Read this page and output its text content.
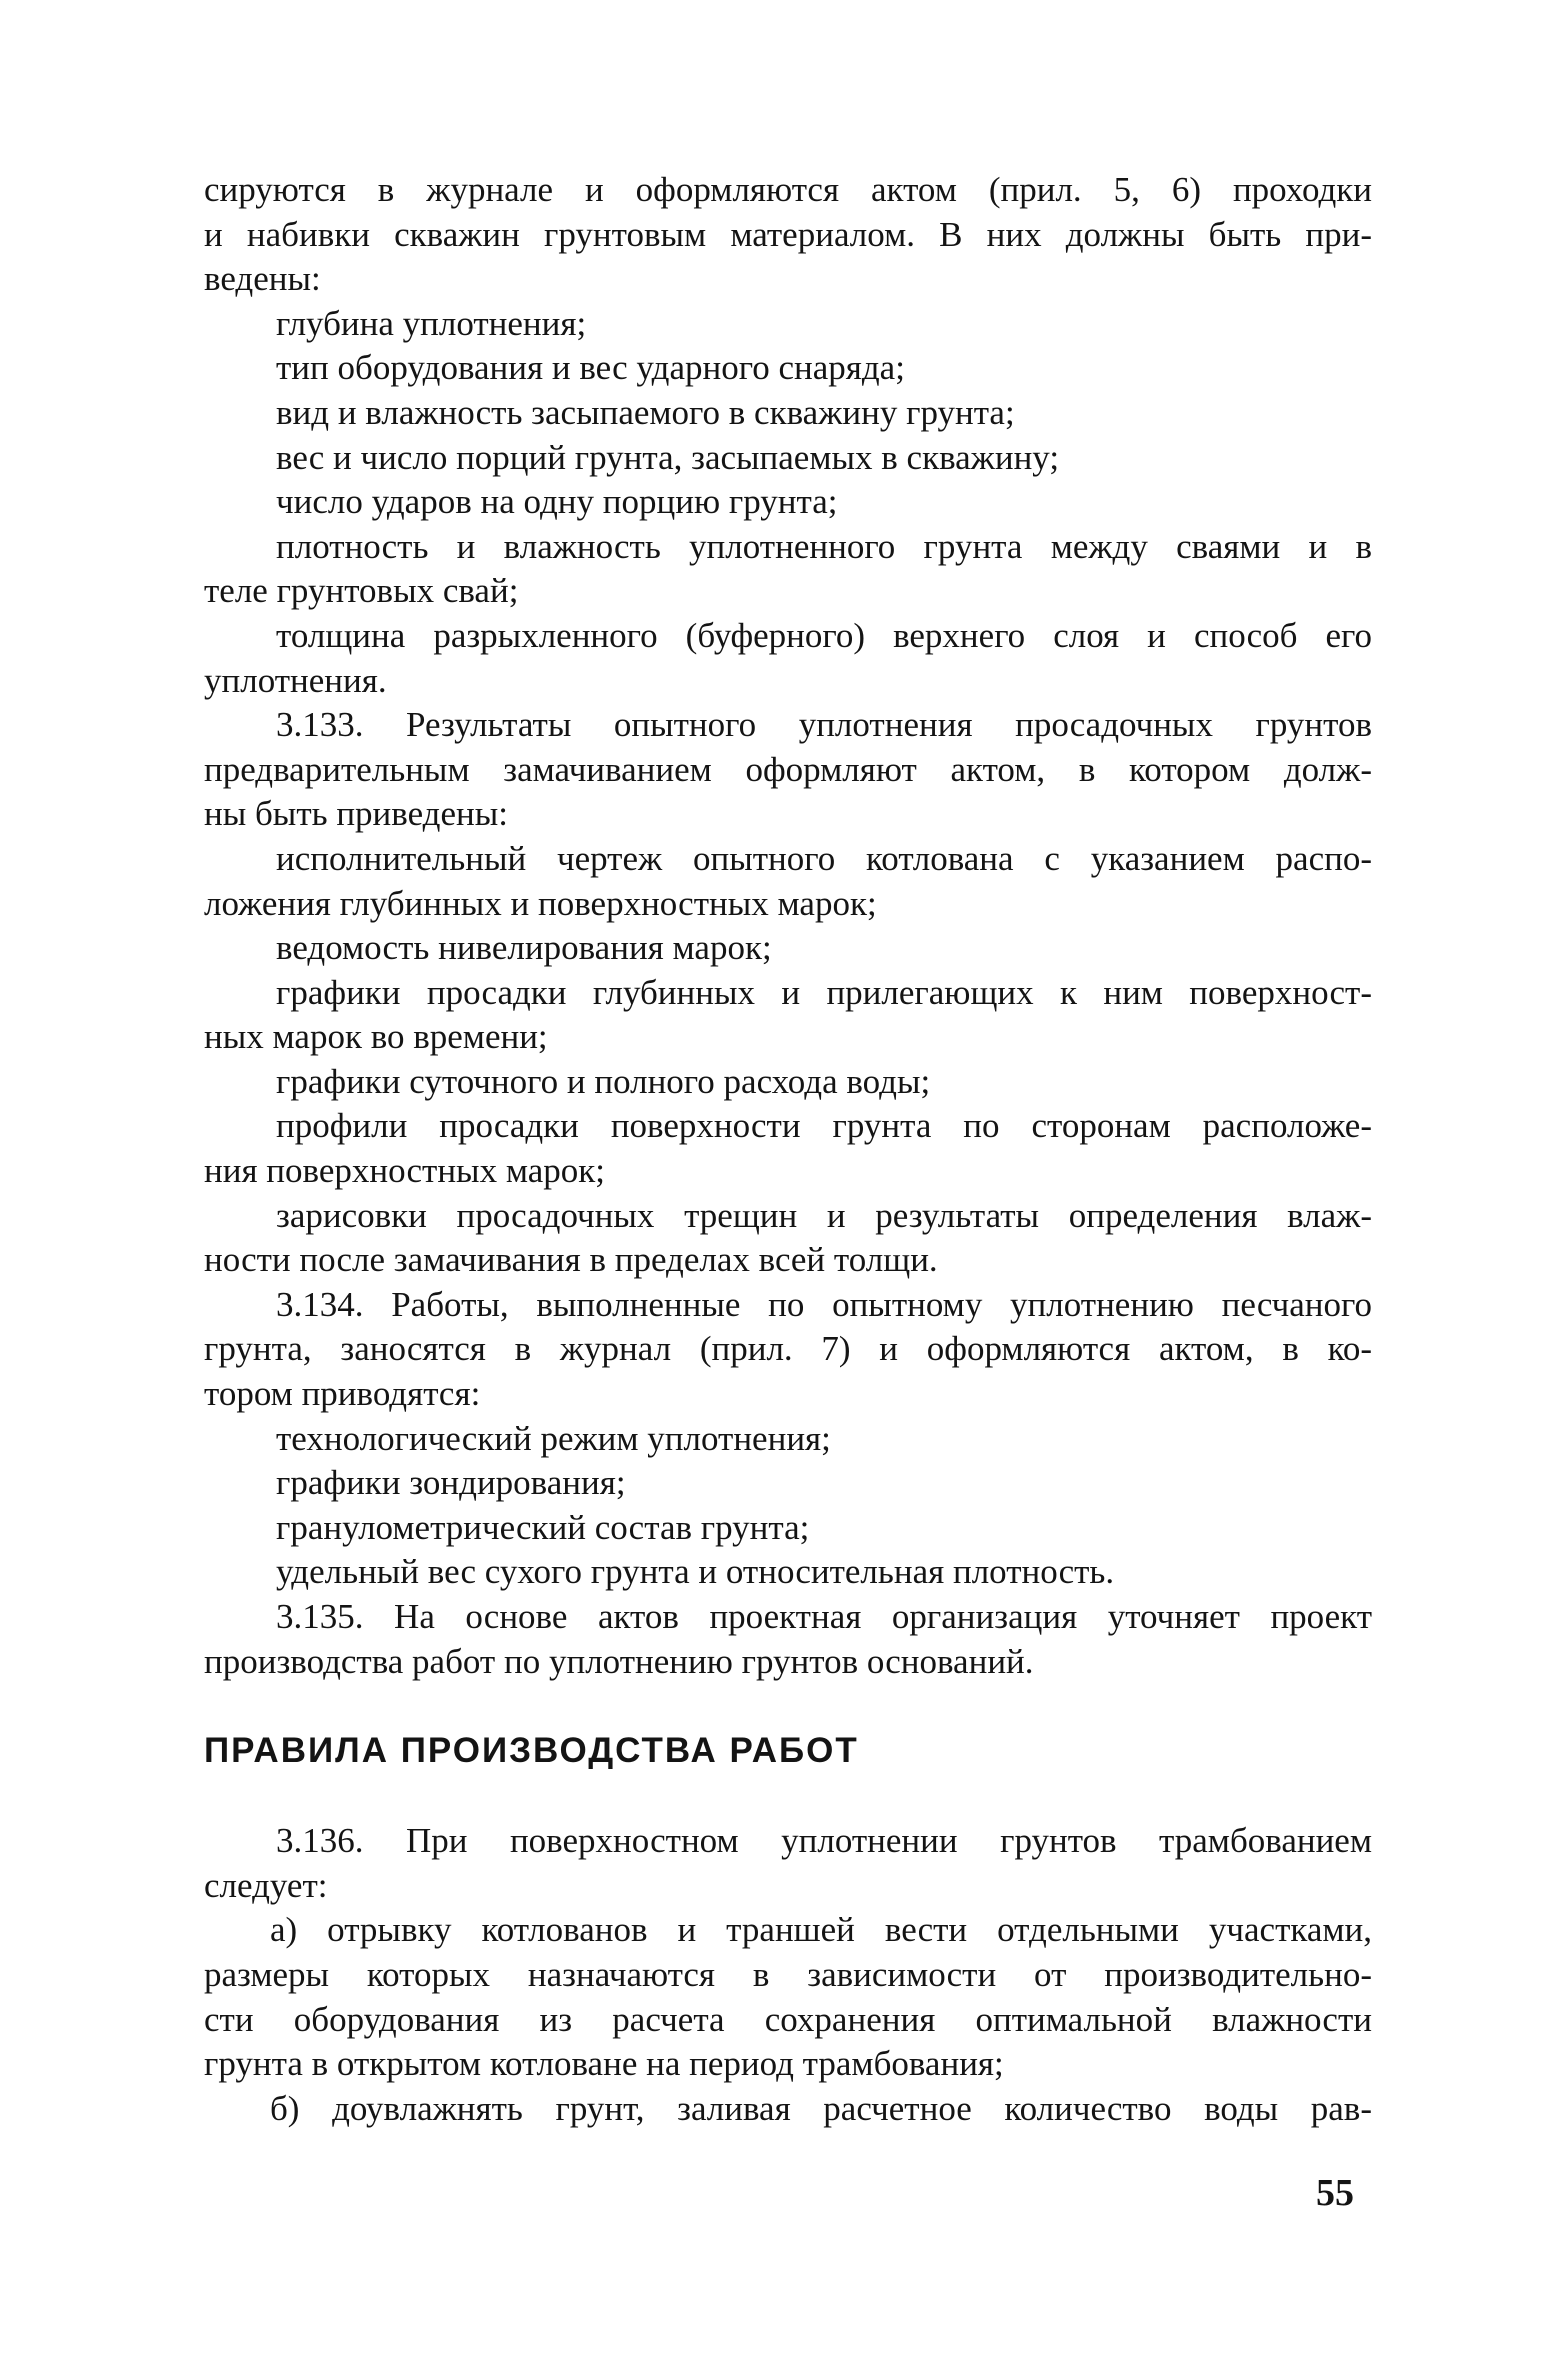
сируются в журнале и оформляются актом (прил. 5, 6) проходки
и набивки скважин грунтовым материалом. В них должны быть при-
ведены:
глубина уплотнения;
тип оборудования и вес ударного снаряда;
вид и влажность засыпаемого в скважину грунта;
вес и число порций грунта, засыпаемых в скважину;
число ударов на одну порцию грунта;
плотность и влажность уплотненного грунта между сваями и в
теле грунтовых свай;
толщина разрыхленного (буферного) верхнего слоя и способ его
уплотнения.
3.133. Результаты опытного уплотнения просадочных грунтов
предварительным замачиванием оформляют актом, в котором долж-
ны быть приведены:
исполнительный чертеж опытного котлована с указанием распо-
ложения глубинных и поверхностных марок;
ведомость нивелирования марок;
графики просадки глубинных и прилегающих к ним поверхност-
ных марок во времени;
графики суточного и полного расхода воды;
профили просадки поверхности грунта по сторонам расположе-
ния поверхностных марок;
зарисовки просадочных трещин и результаты определения влаж-
ности после замачивания в пределах всей толщи.
3.134. Работы, выполненные по опытному уплотнению песчаного
грунта, заносятся в журнал (прил. 7) и оформляются актом, в ко-
тором приводятся:
технологический режим уплотнения;
графики зондирования;
гранулометрический состав грунта;
удельный вес сухого грунта и относительная плотность.
3.135. На основе актов проектная организация уточняет проект
производства работ по уплотнению грунтов оснований.
ПРАВИЛА ПРОИЗВОДСТВА РАБОТ
3.136. При поверхностном уплотнении грунтов трамбованием
следует:
а) отрывку котлованов и траншей вести отдельными участками,
размеры которых назначаются в зависимости от производительно-
сти оборудования из расчета сохранения оптимальной влажности
грунта в открытом котловане на период трамбования;
б) доувлажнять грунт, заливая расчетное количество воды рав-
55
